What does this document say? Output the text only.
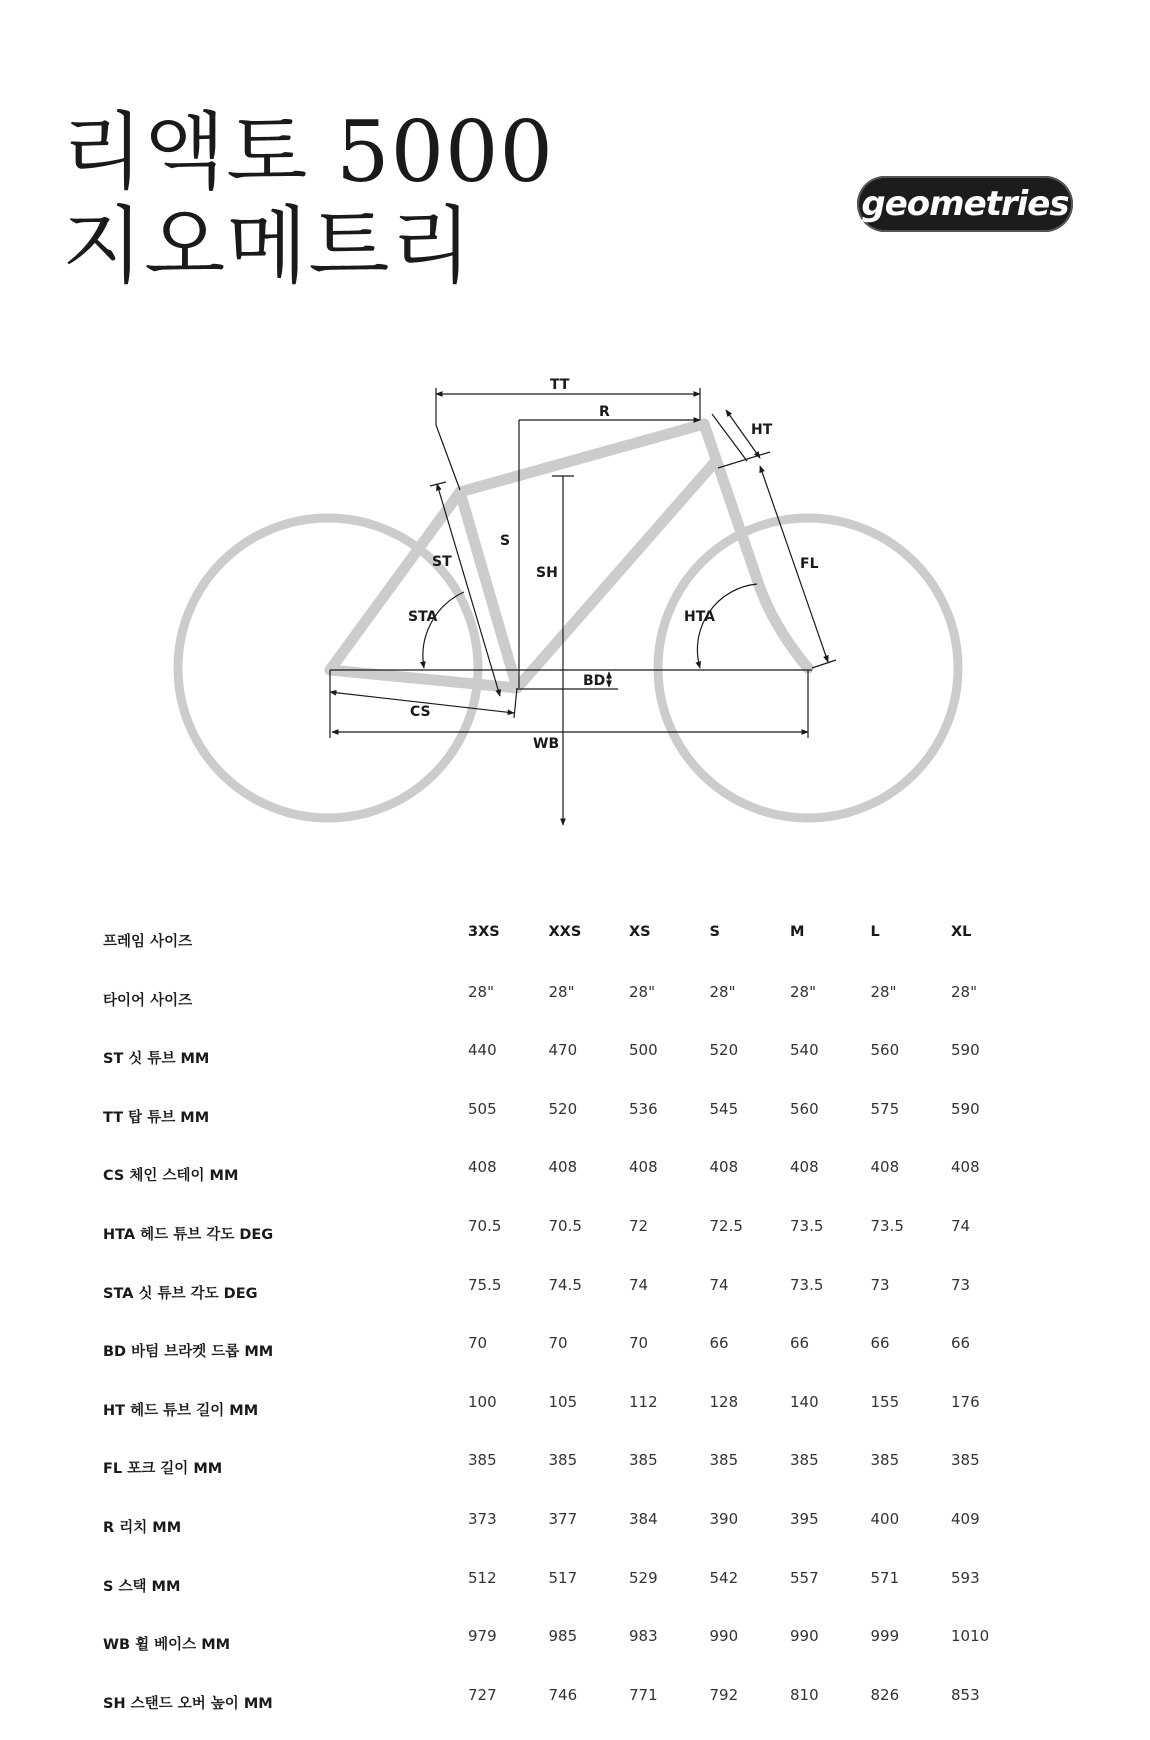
리액토 5000
지오메트리	geometries
TT
R
HT
S
SH
ST
STA
FL
HTA
BD
CS
WB
프레임 사이즈	3XS	XXS	XS	S	M	L	XL
타이어 사이즈	28"	28"	28"	28"	28"	28"	28"
ST 싯 튜브 MM	440	470	500	520	540	560	590
TT 탑 튜브 MM	505	520	536	545	560	575	590
CS 체인 스테이 MM	408	408	408	408	408	408	408
HTA 헤드 튜브 각도 DEG	70.5	70.5	72	72.5	73.5	73.5	74
STA 싯 튜브 각도 DEG	75.5	74.5	74	74	73.5	73	73
BD 바텀 브라켓 드롭 MM	70	70	70	66	66	66	66
HT 헤드 튜브 길이 MM	100	105	112	128	140	155	176
FL 포크 길이 MM	385	385	385	385	385	385	385
R 리치 MM	373	377	384	390	395	400	409
S 스택 MM	512	517	529	542	557	571	593
WB 휠 베이스 MM	979	985	983	990	990	999	1010
SH 스탠드 오버 높이 MM	727	746	771	792	810	826	853
